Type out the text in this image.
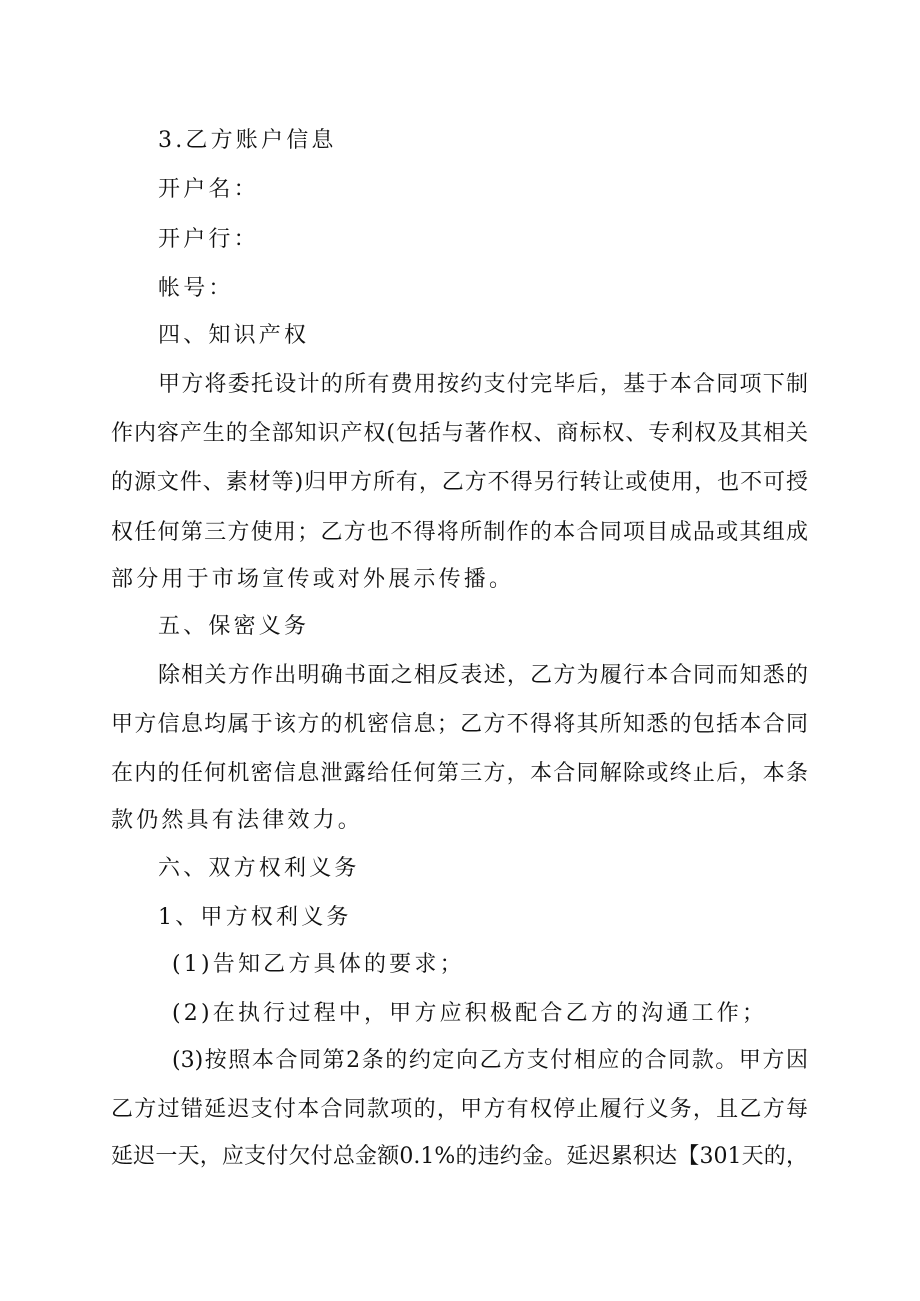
3.乙方账户信息
开户名：
开户行：
帐号：
四、知识产权
甲方将委托设计的所有费用按约支付完毕后，基于本合同项下制
作内容产生的全部知识产权(包括与著作权、商标权、专利权及其相关
的源文件、素材等)归甲方所有，乙方不得另行转让或使用，也不可授
权任何第三方使用；乙方也不得将所制作的本合同项目成品或其组成
部分用于市场宣传或对外展示传播。
五、保密义务
除相关方作出明确书面之相反表述，乙方为履行本合同而知悉的
甲方信息均属于该方的机密信息；乙方不得将其所知悉的包括本合同
在内的任何机密信息泄露给任何第三方，本合同解除或终止后，本条
款仍然具有法律效力。
六、双方权利义务
1、甲方权利义务
(1)告知乙方具体的要求；
(2)在执行过程中，甲方应积极配合乙方的沟通工作；
(3)按照本合同第2条的约定向乙方支付相应的合同款。甲方因
乙方过错延迟支付本合同款项的，甲方有权停止履行义务，且乙方每
延迟一天，应支付欠付总金额0.1%的违约金。延迟累积达【301天的，
